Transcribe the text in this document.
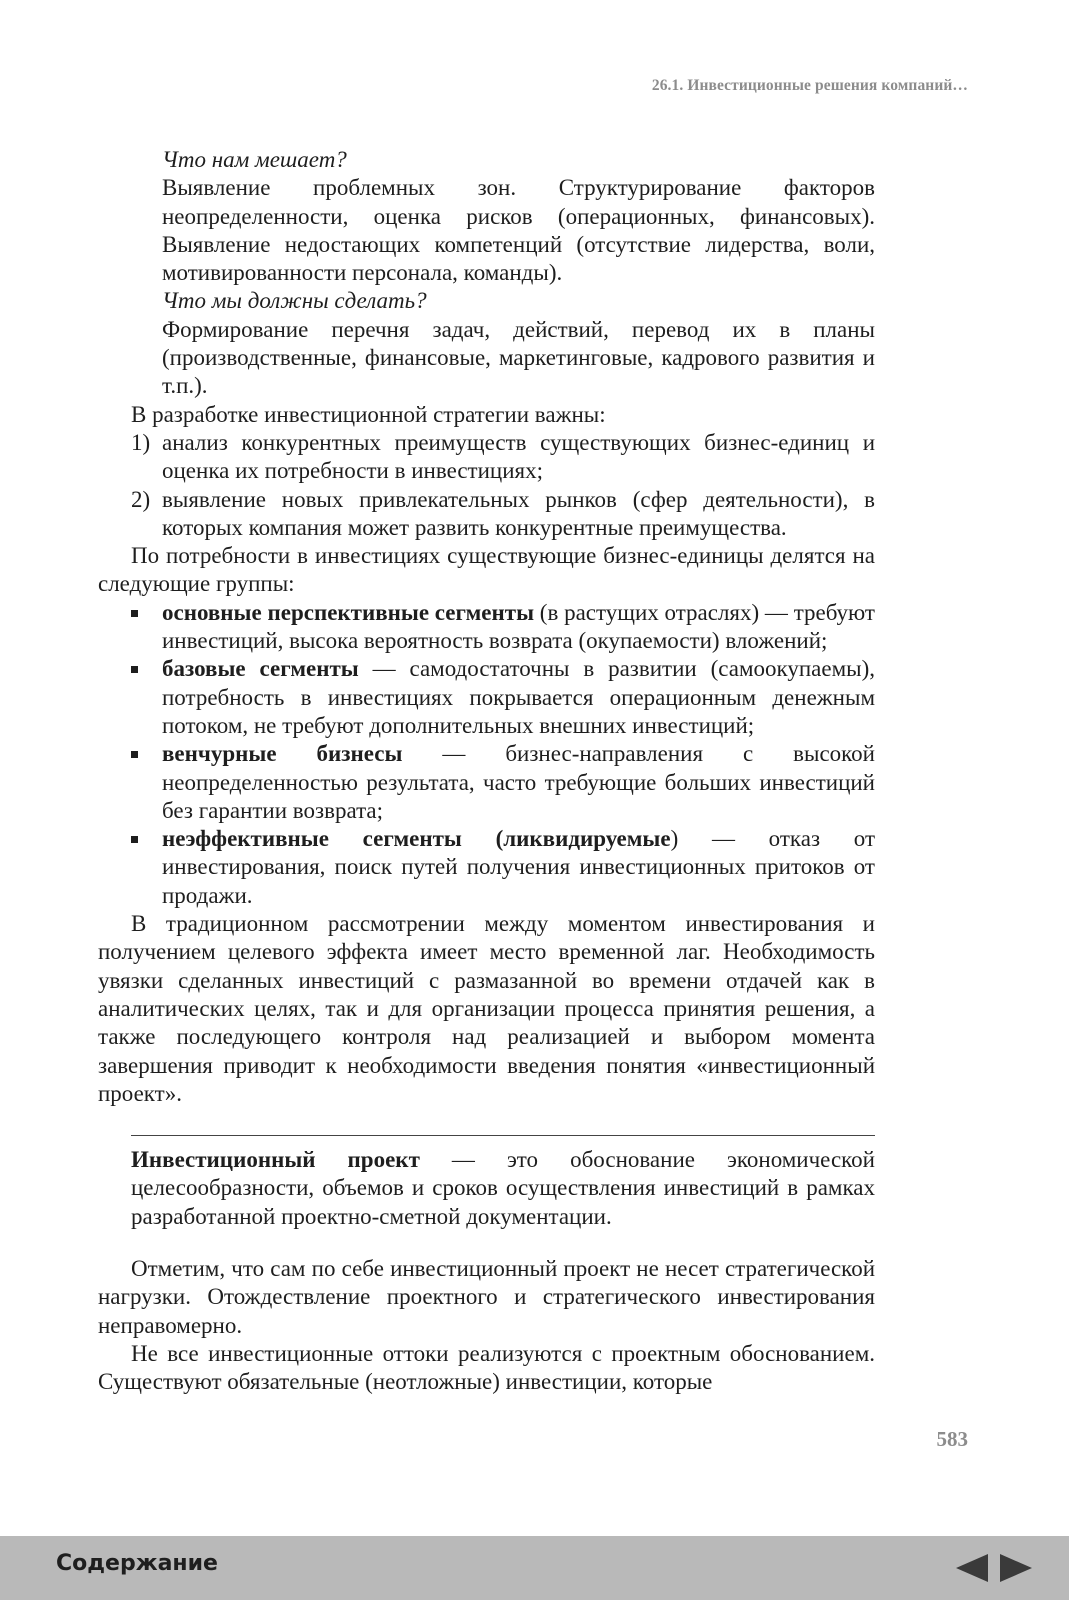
26.1. Инвестиционные решения компаний…

Что нам мешает?

Выявление проблемных зон. Структурирование факторов неопределенности, оценка рисков (операционных, финансовых). Выявление недостающих компетенций (отсутствие лидерства, воли, мотивированности персонала, команды).

Что мы должны сделать?

Формирование перечня задач, действий, перевод их в планы (производственные, финансовые, маркетинговые, кадрового развития и т.п.).

В разработке инвестиционной стратегии важны:

1) анализ конкурентных преимуществ существующих бизнес-единиц и оценка их потребности в инвестициях;
2) выявление новых привлекательных рынков (сфер деятельности), в которых компания может развить конкурентные преимущества.

По потребности в инвестициях существующие бизнес-единицы делятся на следующие группы:

основные перспективные сегменты (в растущих отраслях) — требуют инвестиций, высока вероятность возврата (окупаемости) вложений;
базовые сегменты — самодостаточны в развитии (самоокупаемы), потребность в инвестициях покрывается операционным денежным потоком, не требуют дополнительных внешних инвестиций;
венчурные бизнесы — бизнес-направления с высокой неопределенностью результата, часто требующие больших инвестиций без гарантии возврата;
неэффективные сегменты (ликвидируемые) — отказ от инвестирования, поиск путей получения инвестиционных притоков от продажи.

В традиционном рассмотрении между моментом инвестирования и получением целевого эффекта имеет место временной лаг. Необходимость увязки сделанных инвестиций с размазанной во времени отдачей как в аналитических целях, так и для организации процесса принятия решения, а также последующего контроля над реализацией и выбором момента завершения приводит к необходимости введения понятия «инвестиционный проект».

Инвестиционный проект — это обоснование экономической целесообразности, объемов и сроков осуществления инвестиций в рамках разработанной проектно-сметной документации.

Отметим, что сам по себе инвестиционный проект не несет стратегической нагрузки. Отождествление проектного и стратегического инвестирования неправомерно.

Не все инвестиционные оттоки реализуются с проектным обоснованием. Существуют обязательные (неотложные) инвестиции, которые

583
Содержание
